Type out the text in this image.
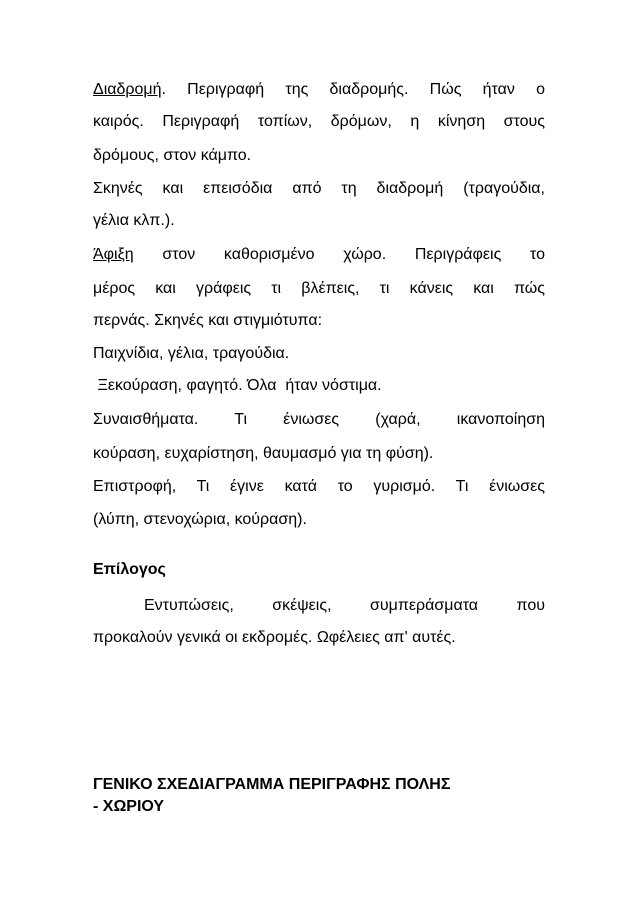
Διαδρομή. Περιγραφή της διαδρομής. Πώς ήταν ο
καιρός. Περιγραφή τοπίων, δρόμων, η κίνηση στους
δρόμους, στον κάμπο.
Σκηνές και επεισόδια από τη διαδρομή (τραγούδια,
γέλια κλπ.).
Άφιξη στον καθορισμένο χώρο. Περιγράφεις το
μέρος και γράφεις τι βλέπεις, τι κάνεις και πώς
περνάς. Σκηνές και στιγμιότυπα:
Παιχνίδια, γέλια, τραγούδια.
Ξεκούραση, φαγητό. Όλα  ήταν νόστιμα.
Συναισθήματα. Τι ένιωσες (χαρά, ικανοποίηση
κούραση, ευχαρίστηση, θαυμασμό για τη φύση).
Επιστροφή, Τι έγινε κατά το γυρισμό. Τι ένιωσες
(λύπη, στενοχώρια, κούραση).
Επίλογος
Εντυπώσεις, σκέψεις, συμπεράσματα που
προκαλούν γενικά οι εκδρομές. Ωφέλειες απ' αυτές.
ΓΕΝΙΚΟ ΣΧΕΔΙΑΓΡΑΜΜΑ ΠΕΡΙΓΡΑΦΗΣ ΠΟΛΗΣ
- ΧΩΡΙΟΥ
